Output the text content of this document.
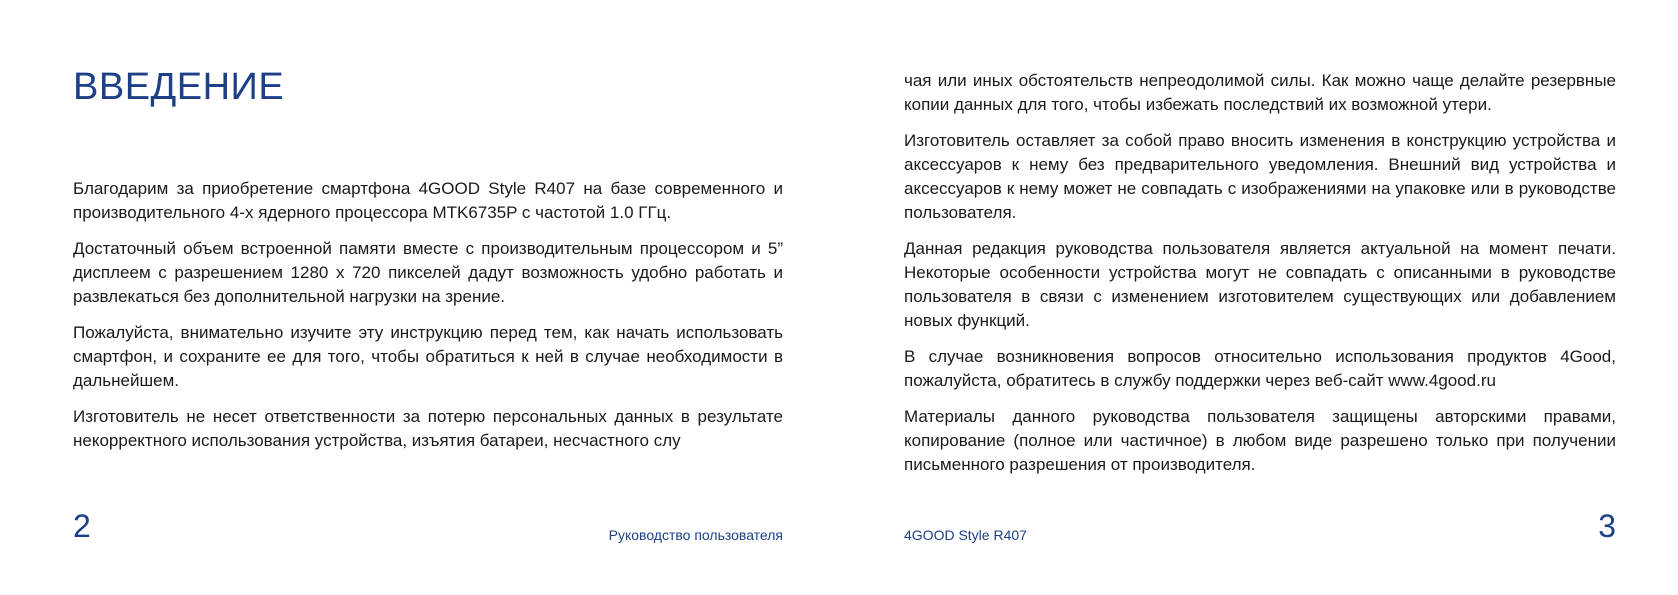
ВВЕДЕНИЕ

Благодарим за приобретение смартфона 4GOOD Style R407 на базе современного и производительного 4-х ядерного процессора MTK6735P с частотой 1.0 ГГц.

Достаточный объем встроенной памяти вместе с производительным процессором и 5” дисплеем с разрешением 1280 х 720 пикселей дадут возможность удобно работать и развлекаться без дополнительной нагрузки на зрение.

Пожалуйста, внимательно изучите эту инструкцию перед тем, как начать использовать смартфон, и сохраните ее для того, чтобы обратиться к ней в случае необходимости в дальнейшем.

Изготовитель не несет ответственности за потерю персональных данных в результате некорректного использования устройства, изъятия батареи, несчастного слу

2	Руководство пользователя

чая или иных обстоятельств непреодолимой силы. Как можно чаще делайте резервные копии данных для того, чтобы избежать последствий их возможной утери.

Изготовитель оставляет за собой право вносить изменения в конструкцию устройства и аксессуаров к нему без предварительного уведомления. Внешний вид устройства и аксессуаров к нему может не совпадать с изображениями на упаковке или в руководстве пользователя.

Данная редакция руководства пользователя является актуальной на момент печати. Некоторые особенности устройства могут не совпадать с описанными в руководстве пользователя в связи с изменением изготовителем существующих или добавлением новых функций.

В случае возникновения вопросов относительно использования продуктов 4Good, пожалуйста, обратитесь в службу поддержки через веб-сайт www.4good.ru

Материалы данного руководства пользователя защищены авторскими правами, копирование (полное или частичное) в любом виде разрешено только при получении письменного разрешения от производителя.

3
4GOOD Style R407
